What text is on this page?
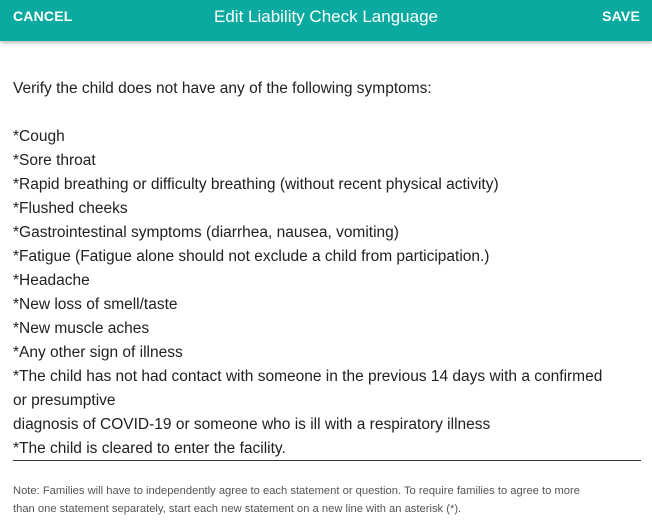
CANCEL	Edit Liability Check Language	SAVE
Verify the child does not have any of the following symptoms:
*Cough
*Sore throat
*Rapid breathing or difficulty breathing (without recent physical activity)
*Flushed cheeks
*Gastrointestinal symptoms (diarrhea, nausea, vomiting)
*Fatigue (Fatigue alone should not exclude a child from participation.)
*Headache
*New loss of smell/taste
*New muscle aches
*Any other sign of illness
*The child has not had contact with someone in the previous 14 days with a confirmed
or presumptive
diagnosis of COVID-19 or someone who is ill with a respiratory illness
*The child is cleared to enter the facility.
Note: Families will have to independently agree to each statement or question. To require families to agree to more
than one statement separately, start each new statement on a new line with an asterisk (*).
